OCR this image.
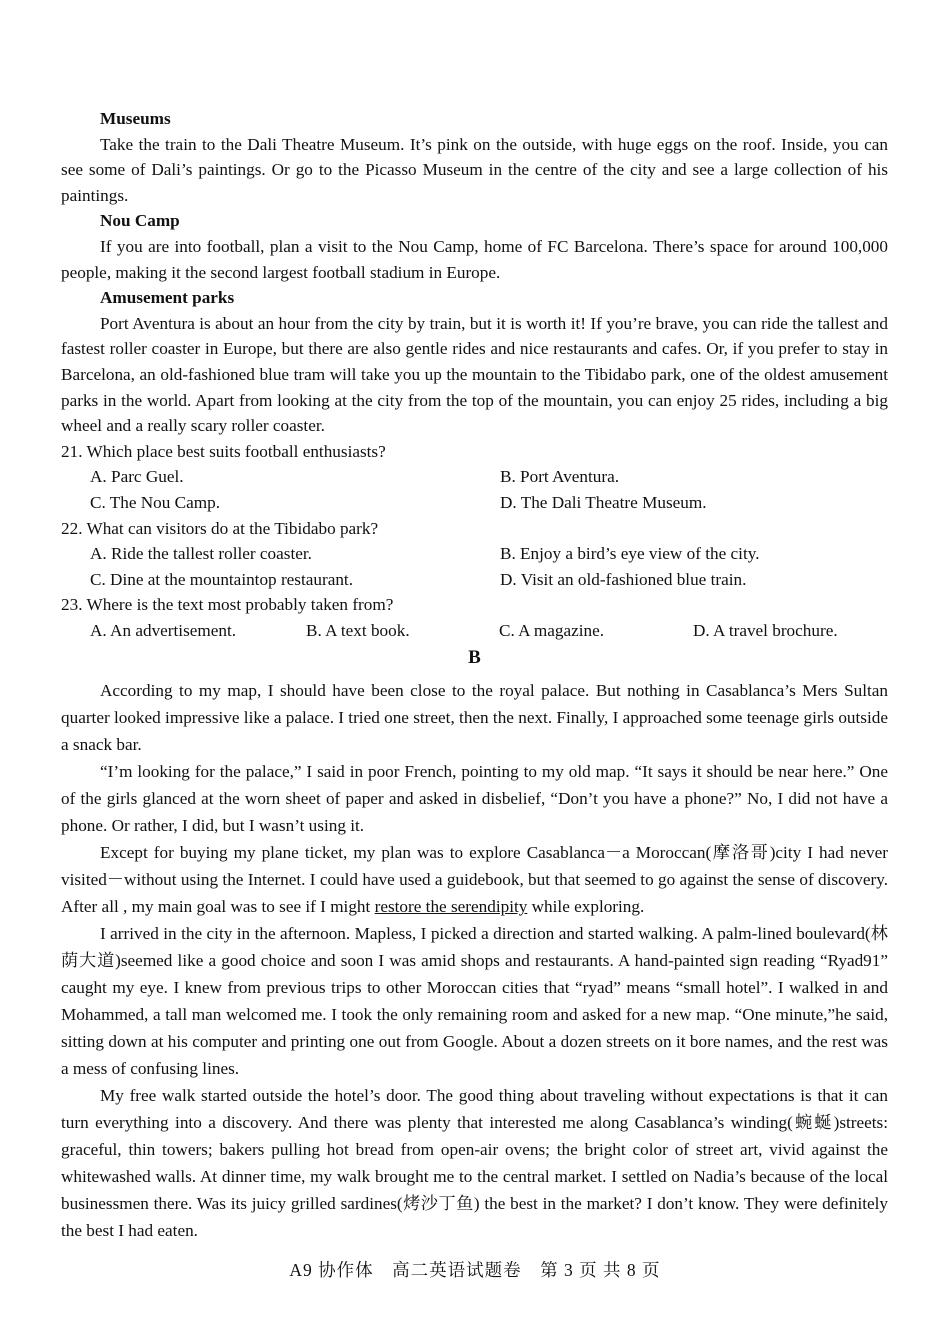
Museums

Take the train to the Dali Theatre Museum. It’s pink on the outside, with huge eggs on the roof. Inside, you can see some of Dali’s paintings. Or go to the Picasso Museum in the centre of the city and see a large collection of his paintings.

Nou Camp

If you are into football, plan a visit to the Nou Camp, home of FC Barcelona. There’s space for around 100,000 people, making it the second largest football stadium in Europe.

Amusement parks

Port Aventura is about an hour from the city by train, but it is worth it! If you’re brave, you can ride the tallest and fastest roller coaster in Europe, but there are also gentle rides and nice restaurants and cafes. Or, if you prefer to stay in Barcelona, an old-fashioned blue tram will take you up the mountain to the Tibidabo park, one of the oldest amusement parks in the world. Apart from looking at the city from the top of the mountain, you can enjoy 25 rides, including a big wheel and a really scary roller coaster.

21. Which place best suits football enthusiasts?
A. Parc Guel.	B. Port Aventura.
C. The Nou Camp.	D. The Dali Theatre Museum.
22. What can visitors do at the Tibidabo park?
A. Ride the tallest roller coaster.	B. Enjoy a bird’s eye view of the city.
C. Dine at the mountaintop restaurant.	D. Visit an old-fashioned blue train.
23. Where is the text most probably taken from?
A. An advertisement.	B. A text book.	C. A magazine.	D. A travel brochure.
B

According to my map, I should have been close to the royal palace. But nothing in Casablanca’s Mers Sultan quarter looked impressive like a palace. I tried one street, then the next. Finally, I approached some teenage girls outside a snack bar.

“I’m looking for the palace,” I said in poor French, pointing to my old map. “It says it should be near here.” One of the girls glanced at the worn sheet of paper and asked in disbelief, “Don’t you have a phone?” No, I did not have a phone. Or rather, I did, but I wasn’t using it.

Except for buying my plane ticket, my plan was to explore Casablanca－a Moroccan(摩洛哥)city I had never visited－without using the Internet. I could have used a guidebook, but that seemed to go against the sense of discovery. After all , my main goal was to see if I might restore the serendipity while exploring.

I arrived in the city in the afternoon. Mapless, I picked a direction and started walking. A palm-lined boulevard(林荫大道)seemed like a good choice and soon I was amid shops and restaurants. A hand-painted sign reading “Ryad91” caught my eye. I knew from previous trips to other Moroccan cities that “ryad” means “small hotel”. I walked in and Mohammed, a tall man welcomed me. I took the only remaining room and asked for a new map. “One minute,”he said, sitting down at his computer and printing one out from Google. About a dozen streets on it bore names, and the rest was a mess of confusing lines.

My free walk started outside the hotel’s door. The good thing about traveling without expectations is that it can turn everything into a discovery. And there was plenty that interested me along Casablanca’s winding(蜿蜒)streets: graceful, thin towers; bakers pulling hot bread from open-air ovens; the bright color of street art, vivid against the whitewashed walls. At dinner time, my walk brought me to the central market. I settled on Nadia’s because of the local businessmen there. Was its juicy grilled sardines(烤沙丁鱼) the best in the market? I don’t know. They were definitely the best I had eaten.

A9 协作体　高二英语试题卷　第 3 页 共 8 页
